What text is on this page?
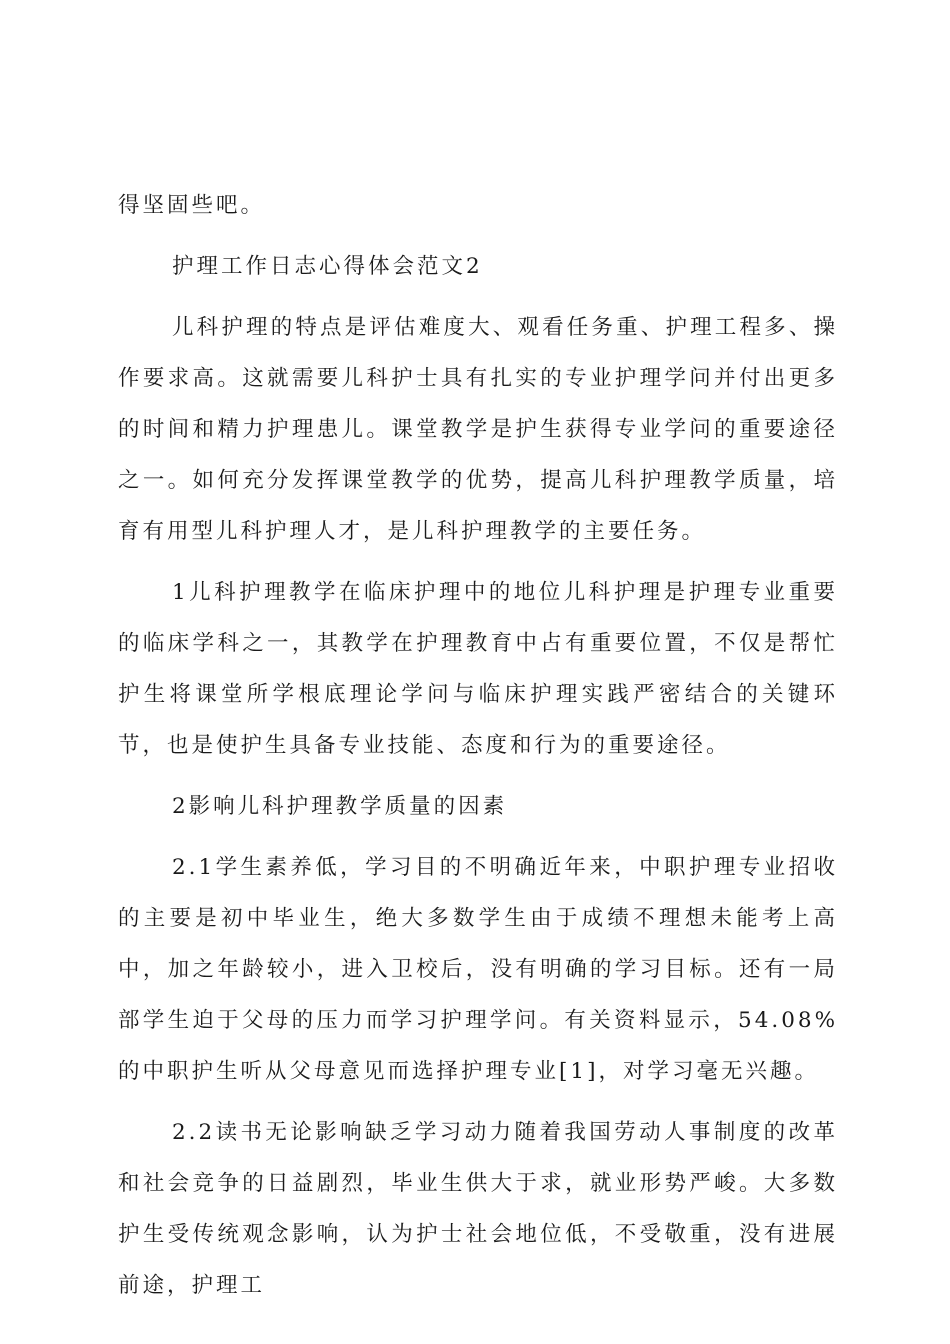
得坚固些吧。

护理工作日志心得体会范文2

儿科护理的特点是评估难度大、观看任务重、护理工程多、操作要求高。这就需要儿科护士具有扎实的专业护理学问并付出更多的时间和精力护理患儿。课堂教学是护生获得专业学问的重要途径之一。如何充分发挥课堂教学的优势，提高儿科护理教学质量，培育有用型儿科护理人才，是儿科护理教学的主要任务。

1儿科护理教学在临床护理中的地位儿科护理是护理专业重要的临床学科之一，其教学在护理教育中占有重要位置，不仅是帮忙护生将课堂所学根底理论学问与临床护理实践严密结合的关键环节，也是使护生具备专业技能、态度和行为的重要途径。

2影响儿科护理教学质量的因素

2.1学生素养低，学习目的不明确近年来，中职护理专业招收的主要是初中毕业生，绝大多数学生由于成绩不理想未能考上高中，加之年龄较小，进入卫校后，没有明确的学习目标。还有一局部学生迫于父母的压力而学习护理学问。有关资料显示，54.08%的中职护生听从父母意见而选择护理专业[1]，对学习毫无兴趣。

2.2读书无论影响缺乏学习动力随着我国劳动人事制度的改革和社会竞争的日益剧烈，毕业生供大于求，就业形势严峻。大多数护生受传统观念影响，认为护士社会地位低，不受敬重，没有进展前途，护理工
